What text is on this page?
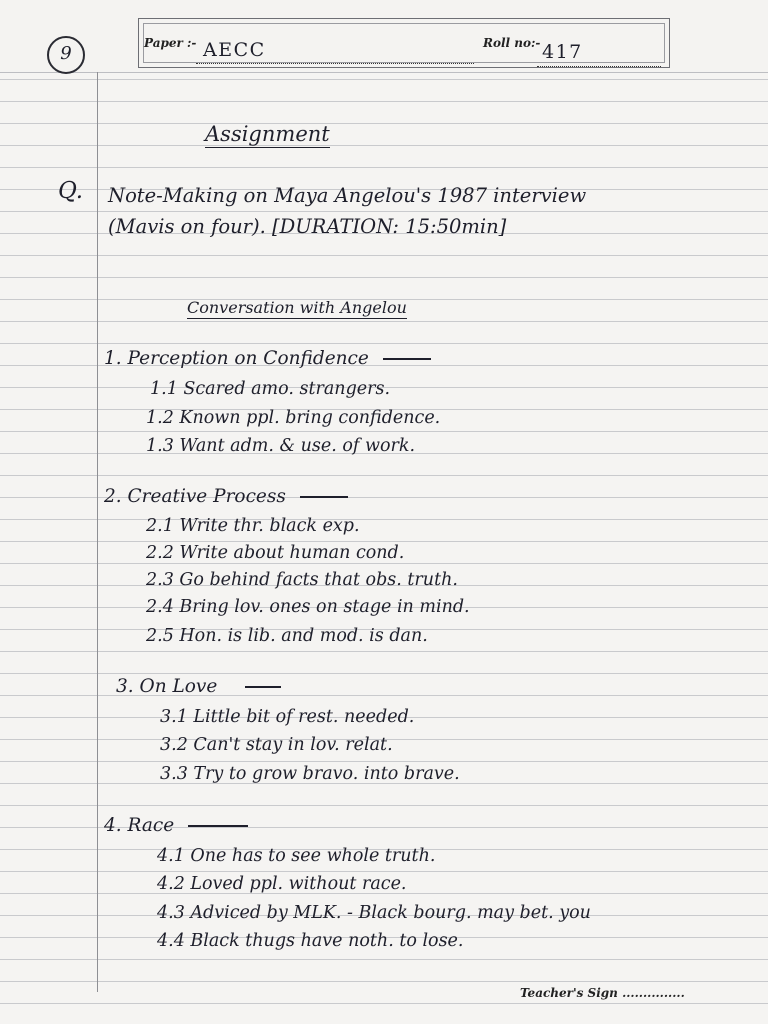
9	Paper :- AECC	Roll no:- 417
Assignment
Q. Note-Making on Maya Angelou's 1987 interview
(Mavis on four). [DURATION: 15:50min]
Conversation with Angelou
1. Perception on Confidence
1.1 Scared amo. strangers.
1.2 Known ppl. bring confidence.
1.3 Want adm. & use. of work.
2. Creative Process
2.1 Write thr. black exp.
2.2 Write about human cond.
2.3 Go behind facts that obs. truth.
2.4 Bring lov. ones on stage in mind.
2.5 Hon. is lib. and mod. is dan.
3. On Love
3.1 Little bit of rest. needed.
3.2 Can't stay in lov. relat.
3.3 Try to grow bravo. into brave.
4. Race
4.1 One has to see whole truth.
4.2 Loved ppl. without race.
4.3 Adviced by MLK. - Black bourg. may bet. you
4.4 Black thugs have noth. to lose.
Teacher's Sign ...............
